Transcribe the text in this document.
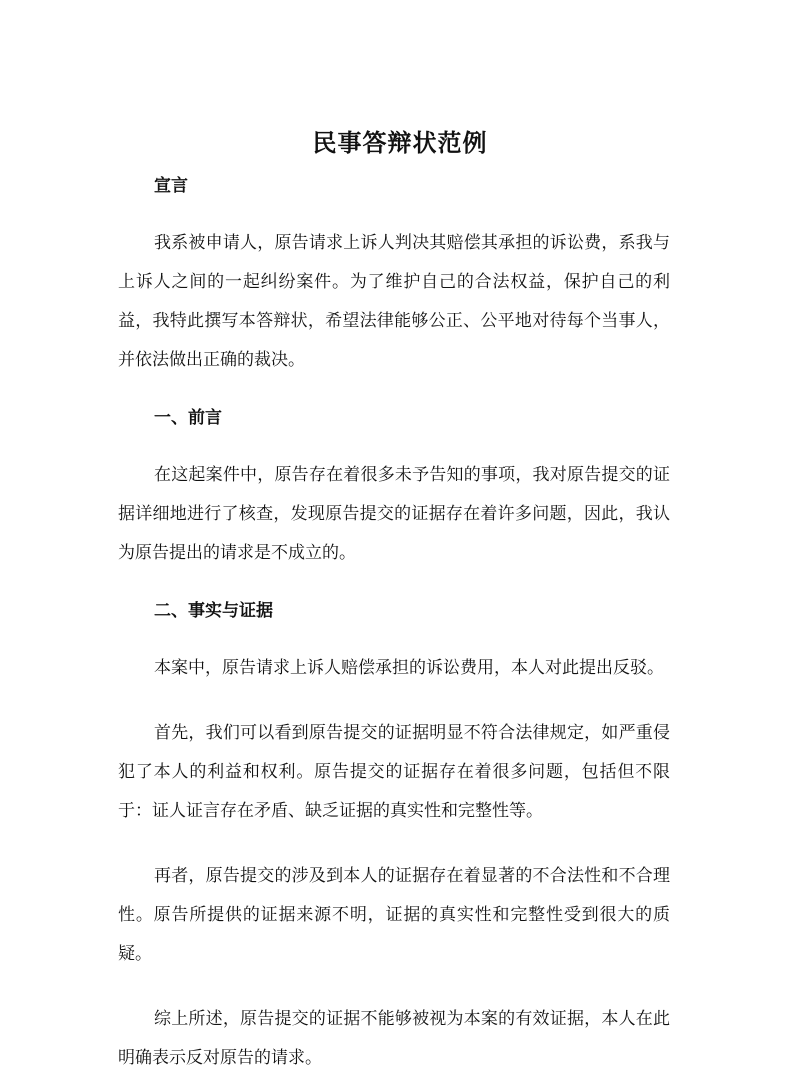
民事答辩状范例
宣言

我系被申请人，原告请求上诉人判决其赔偿其承担的诉讼费，系我与上诉人之间的一起纠纷案件。为了维护自己的合法权益，保护自己的利益，我特此撰写本答辩状，希望法律能够公正、公平地对待每个当事人，并依法做出正确的裁决。

一、前言

在这起案件中，原告存在着很多未予告知的事项，我对原告提交的证据详细地进行了核查，发现原告提交的证据存在着许多问题，因此，我认为原告提出的请求是不成立的。

二、事实与证据

本案中，原告请求上诉人赔偿承担的诉讼费用，本人对此提出反驳。

首先，我们可以看到原告提交的证据明显不符合法律规定，如严重侵犯了本人的利益和权利。原告提交的证据存在着很多问题，包括但不限于：证人证言存在矛盾、缺乏证据的真实性和完整性等。

再者，原告提交的涉及到本人的证据存在着显著的不合法性和不合理性。原告所提供的证据来源不明，证据的真实性和完整性受到很大的质疑。

综上所述，原告提交的证据不能够被视为本案的有效证据，本人在此明确表示反对原告的请求。
